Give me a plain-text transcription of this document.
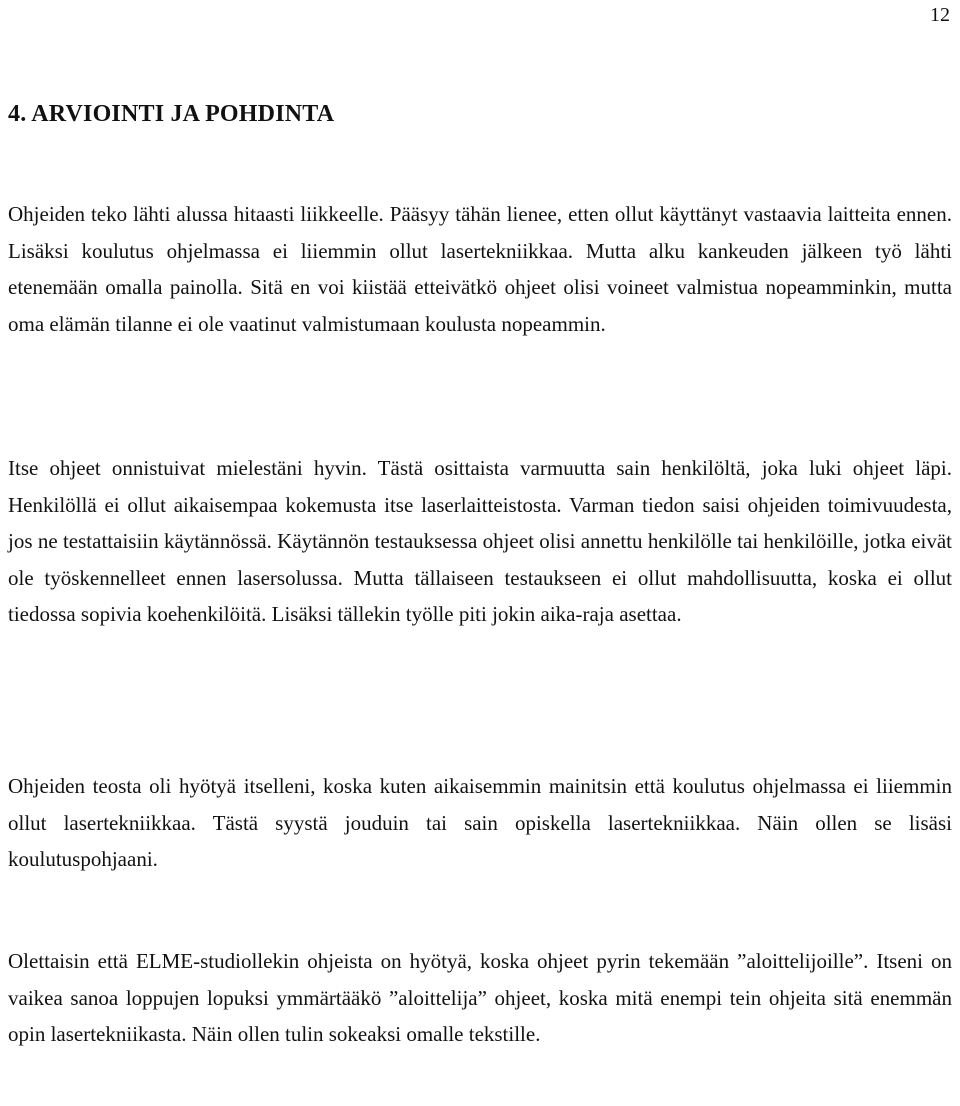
12
4. ARVIOINTI JA POHDINTA

Ohjeiden teko lähti alussa hitaasti liikkeelle. Pääsyy tähän lienee, etten ollut käyttänyt vastaavia laitteita ennen. Lisäksi koulutus ohjelmassa ei liiemmin ollut lasertekniikkaa. Mutta alku kankeuden jälkeen työ lähti etenemään omalla painolla. Sitä en voi kiistää etteivätkö ohjeet olisi voineet valmistua nopeamminkin, mutta oma elämän tilanne ei ole vaatinut valmistumaan koulusta nopeammin.

Itse ohjeet onnistuivat mielestäni hyvin. Tästä osittaista varmuutta sain henkilöltä, joka luki ohjeet läpi. Henkilöllä ei ollut aikaisempaa kokemusta itse laserlaitteistosta. Varman tiedon saisi ohjeiden toimivuudesta, jos ne testattaisiin käytännössä. Käytännön testauksessa ohjeet olisi annettu henkilölle tai henkilöille, jotka eivät ole työskennelleet ennen lasersolussa. Mutta tällaiseen testaukseen ei ollut mahdollisuutta, koska ei ollut tiedossa sopivia koehenkilöitä. Lisäksi tällekin työlle piti jokin aika-raja asettaa.

Ohjeiden teosta oli hyötyä itselleni, koska kuten aikaisemmin mainitsin että koulutus ohjelmassa ei liiemmin ollut lasertekniikkaa. Tästä syystä jouduin tai sain opiskella lasertekniikkaa. Näin ollen se lisäsi koulutuspohjaani.

Olettaisin että ELME-studiollekin ohjeista on hyötyä, koska ohjeet pyrin tekemään ”aloittelijoille”. Itseni on vaikea sanoa loppujen lopuksi ymmärtääkö ”aloittelija” ohjeet, koska mitä enempi tein ohjeita sitä enemmän opin lasertekniikasta. Näin ollen tulin sokeaksi omalle tekstille.
